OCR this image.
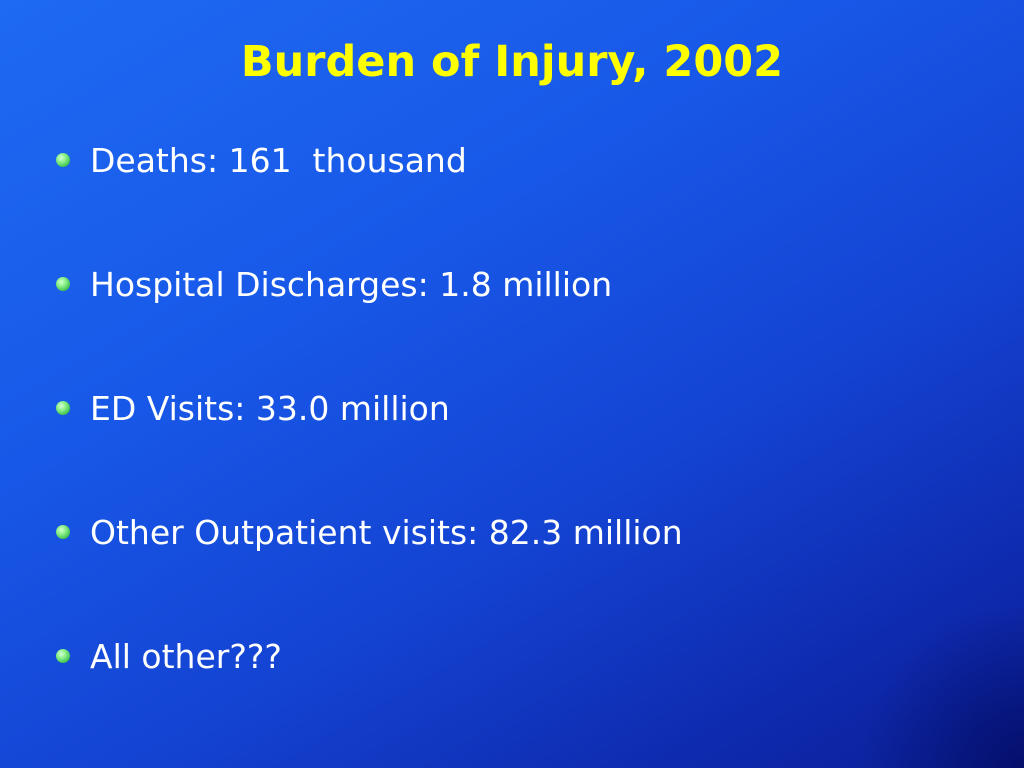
Burden of Injury, 2002
Deaths: 161  thousand
Hospital Discharges: 1.8 million
ED Visits: 33.0 million
Other Outpatient visits: 82.3 million
All other???
